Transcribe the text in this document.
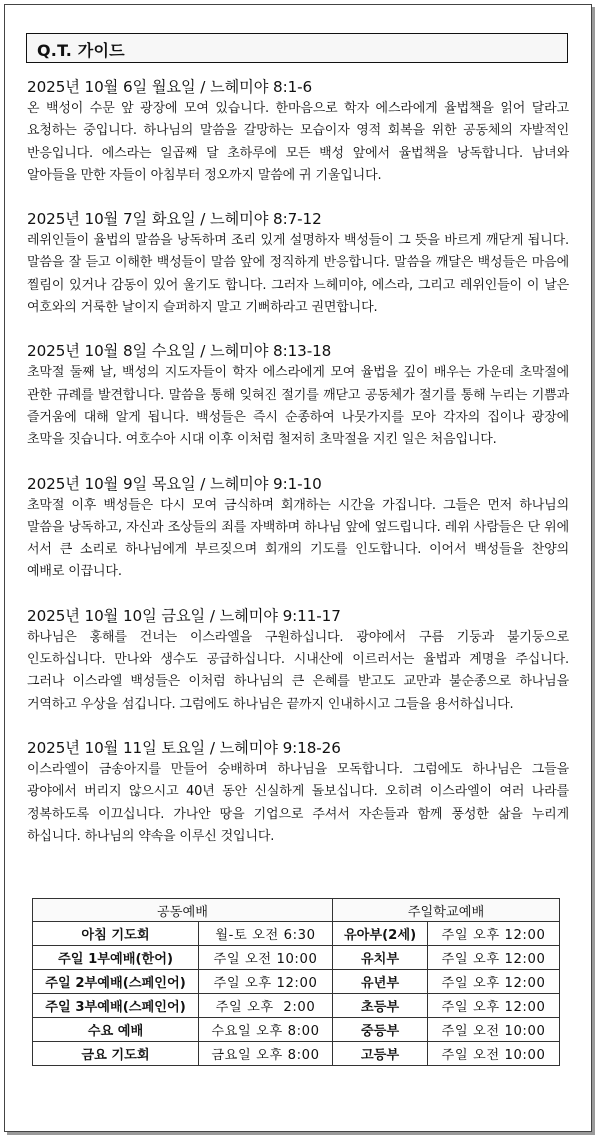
Q.T. 가이드
2025년 10월 6일 월요일 / 느헤미야 8:1-6
온 백성이 수문 앞 광장에 모여 있습니다. 한마음으로 학자 에스라에게 율법책을 읽어 달라고 요청하는 중입니다. 하나님의 말씀을 갈망하는 모습이자 영적 회복을 위한 공동체의 자발적인 반응입니다. 에스라는 일곱째 달 초하루에 모든 백성 앞에서 율법책을 낭독합니다. 남녀와 알아들을 만한 자들이 아침부터 정오까지 말씀에 귀 기울입니다.
2025년 10월 7일 화요일 / 느헤미야 8:7-12
레위인들이 율법의 말씀을 낭독하며 조리 있게 설명하자 백성들이 그 뜻을 바르게 깨닫게 됩니다. 말씀을 잘 듣고 이해한 백성들이 말씀 앞에 정직하게 반응합니다. 말씀을 깨달은 백성들은 마음에 찔림이 있거나 감동이 있어 울기도 합니다. 그러자 느헤미야, 에스라, 그리고 레위인들이 이 날은 여호와의 거룩한 날이지 슬퍼하지 말고 기뻐하라고 권면합니다.
2025년 10월 8일 수요일 / 느헤미야 8:13-18
초막절 둘째 날, 백성의 지도자들이 학자 에스라에게 모여 율법을 깊이 배우는 가운데 초막절에 관한 규례를 발견합니다. 말씀을 통해 잊혀진 절기를 깨닫고 공동체가 절기를 통해 누리는 기쁨과 즐거움에 대해 알게 됩니다. 백성들은 즉시 순종하여 나뭇가지를 모아 각자의 집이나 광장에 초막을 짓습니다. 여호수아 시대 이후 이처럼 철저히 초막절을 지킨 일은 처음입니다.
2025년 10월 9일 목요일 / 느헤미야 9:1-10
초막절 이후 백성들은 다시 모여 금식하며 회개하는 시간을 가집니다. 그들은 먼저 하나님의 말씀을 낭독하고, 자신과 조상들의 죄를 자백하며 하나님 앞에 엎드립니다. 레위 사람들은 단 위에 서서 큰 소리로 하나님에게 부르짖으며 회개의 기도를 인도합니다. 이어서 백성들을 찬양의 예배로 이끕니다.
2025년 10월 10일 금요일 / 느헤미야 9:11-17
하나님은 홍해를 건너는 이스라엘을 구원하십니다. 광야에서 구름 기둥과 불기둥으로 인도하십니다. 만나와 생수도 공급하십니다. 시내산에 이르러서는 율법과 계명을 주십니다. 그러나 이스라엘 백성들은 이처럼 하나님의 큰 은혜를 받고도 교만과 불순종으로 하나님을 거역하고 우상을 섬깁니다. 그럼에도 하나님은 끝까지 인내하시고 그들을 용서하십니다.
2025년 10월 11일 토요일 / 느헤미야 9:18-26
이스라엘이 금송아지를 만들어 숭배하며 하나님을 모독합니다. 그럼에도 하나님은 그들을 광야에서 버리지 않으시고 40년 동안 신실하게 돌보십니다. 오히려 이스라엘이 여러 나라를 정복하도록 이끄십니다. 가나안 땅을 기업으로 주셔서 자손들과 함께 풍성한 삶을 누리게 하십니다. 하나님의 약속을 이루신 것입니다.
공동예배		주일학교예배	
아침 기도회	월-토 오전 6:30	유아부(2세)	주일 오후 12:00
주일 1부예배(한어)	주일 오전 10:00	유치부	주일 오후 12:00
주일 2부예배(스페인어)	주일 오후 12:00	유년부	주일 오후 12:00
주일 3부예배(스페인어)	주일 오후  2:00	초등부	주일 오후 12:00
수요 예배	수요일 오후 8:00	중등부	주일 오전 10:00
금요 기도회	금요일 오후 8:00	고등부	주일 오전 10:00
